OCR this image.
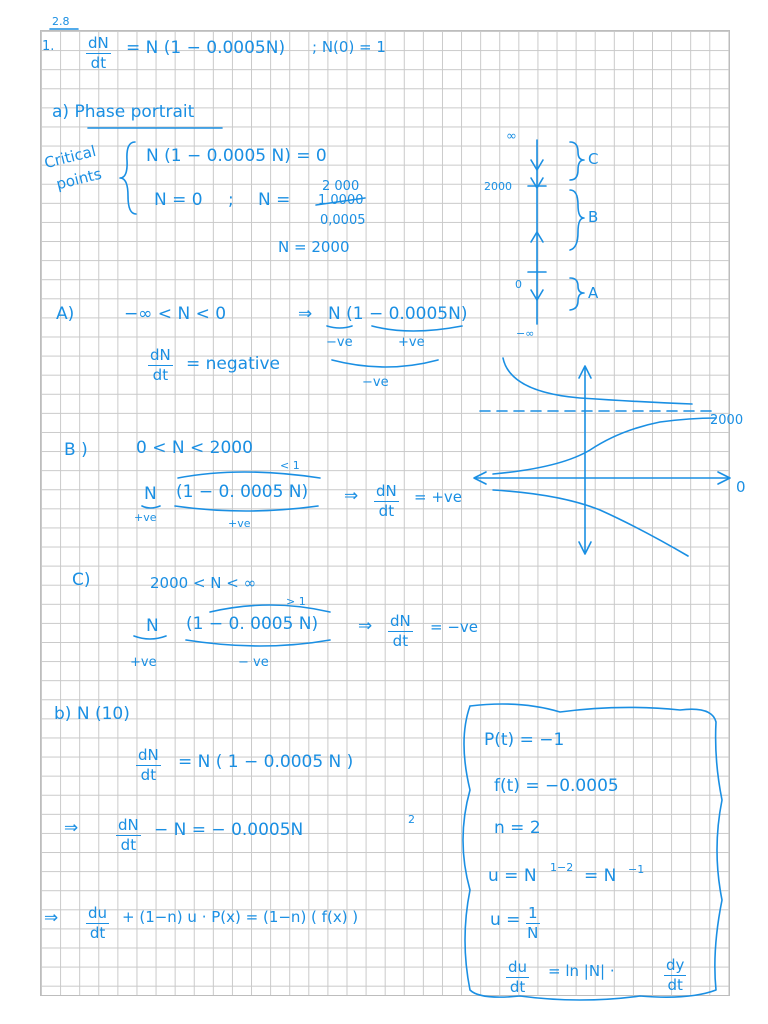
2.8
1. $\frac{dN}{dt} = N$ (1 − 0.0005N) ; N(0) = 1
a) Phase portrait
Critical
points
N (1 − 0.0005 N) = 0
N = 0 ; N =
2 000
1 0000
0,0005
N = 2000
∞
2000
0
−∞
C
B
A
A)	−∞ < N < 0	⇒ N (1 − 0.0005N)
−ve	+ve
−ve
$\frac{dN}{dt}$ = negative
B )	0 < N < 2000
< 1
N (1 − 0. 0005 N)
+ve	+ve
⇒ $\frac{dN}{dt} = +ve$
C)	2000 < N < ∞
> 1
N (1 − 0. 0005 N)
+ve	− ve
⇒ $\frac{dN}{dt} = -ve$
2000
0
b) N (10)
$\frac{dN}{dt} = N$ ( 1 − 0.0005 N )
⇒	$\frac{dN}{dt} - N$ = − 0.0005N
2
⇒ $\frac{du}{dt} + (1-n) u \cdot P(x) = (1-n)$ ( f(x) )
P(t) = −1
f(t) = −0.0005
n = 2
u = N 1−2 = N −1
$u = \frac{1}{N}$
$\frac{du}{dt} = \ln |N|$ ·	$\frac{dy}{dt}$
